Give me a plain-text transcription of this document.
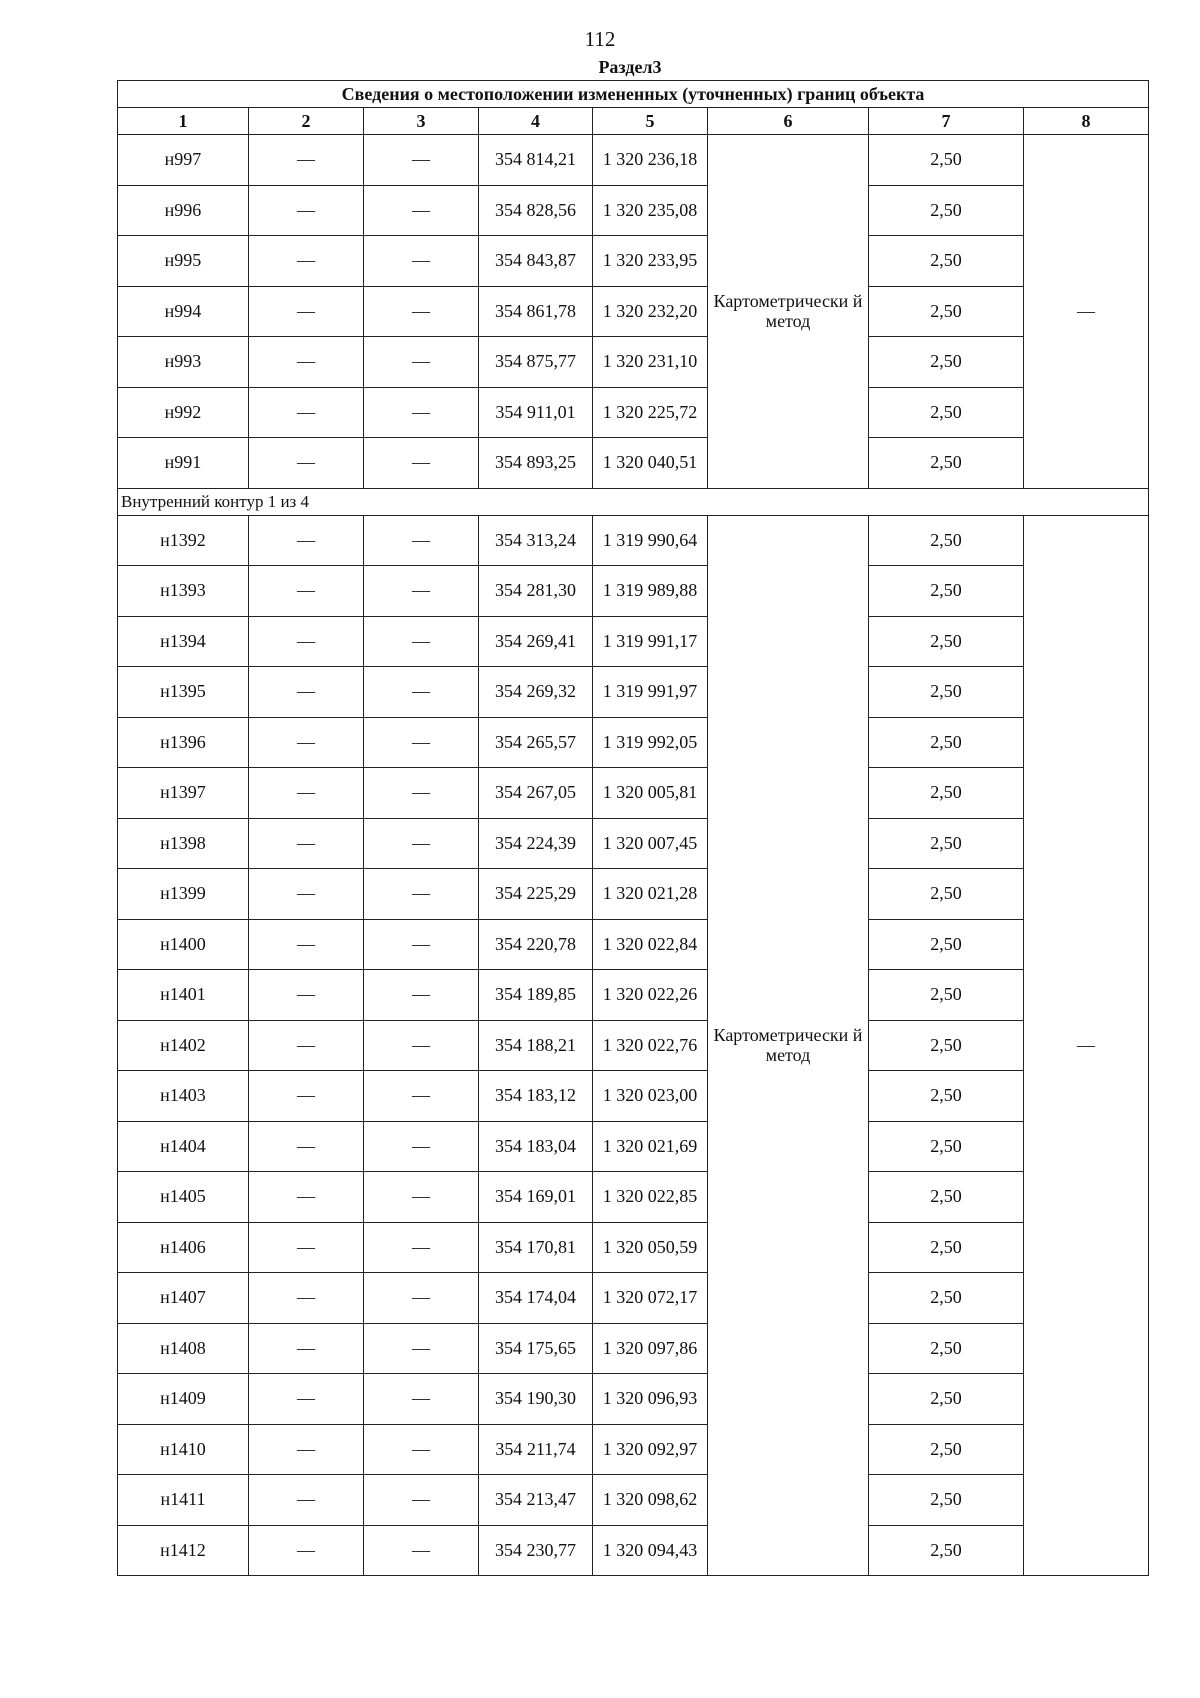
112
Раздел3
Сведения о местоположении измененных (уточненных) границ объекта							
1	2	3	4	5	6	7	8
н997	—	—	354 814,21	1 320 236,18	Картометрически й метод	2,50	—
н996	—	—	354 828,56	1 320 235,08		2,50	
н995	—	—	354 843,87	1 320 233,95		2,50	
н994	—	—	354 861,78	1 320 232,20		2,50	
н993	—	—	354 875,77	1 320 231,10		2,50	
н992	—	—	354 911,01	1 320 225,72		2,50	
н991	—	—	354 893,25	1 320 040,51		2,50	
Внутренний контур 1 из 4							
н1392	—	—	354 313,24	1 319 990,64	Картометрически й метод	2,50	—
н1393	—	—	354 281,30	1 319 989,88		2,50	
н1394	—	—	354 269,41	1 319 991,17		2,50	
н1395	—	—	354 269,32	1 319 991,97		2,50	
н1396	—	—	354 265,57	1 319 992,05		2,50	
н1397	—	—	354 267,05	1 320 005,81		2,50	
н1398	—	—	354 224,39	1 320 007,45		2,50	
н1399	—	—	354 225,29	1 320 021,28		2,50	
н1400	—	—	354 220,78	1 320 022,84		2,50	
н1401	—	—	354 189,85	1 320 022,26		2,50	
н1402	—	—	354 188,21	1 320 022,76		2,50	
н1403	—	—	354 183,12	1 320 023,00		2,50	
н1404	—	—	354 183,04	1 320 021,69		2,50	
н1405	—	—	354 169,01	1 320 022,85		2,50	
н1406	—	—	354 170,81	1 320 050,59		2,50	
н1407	—	—	354 174,04	1 320 072,17		2,50	
н1408	—	—	354 175,65	1 320 097,86		2,50	
н1409	—	—	354 190,30	1 320 096,93		2,50	
н1410	—	—	354 211,74	1 320 092,97		2,50	
н1411	—	—	354 213,47	1 320 098,62		2,50	
н1412	—	—	354 230,77	1 320 094,43		2,50	
